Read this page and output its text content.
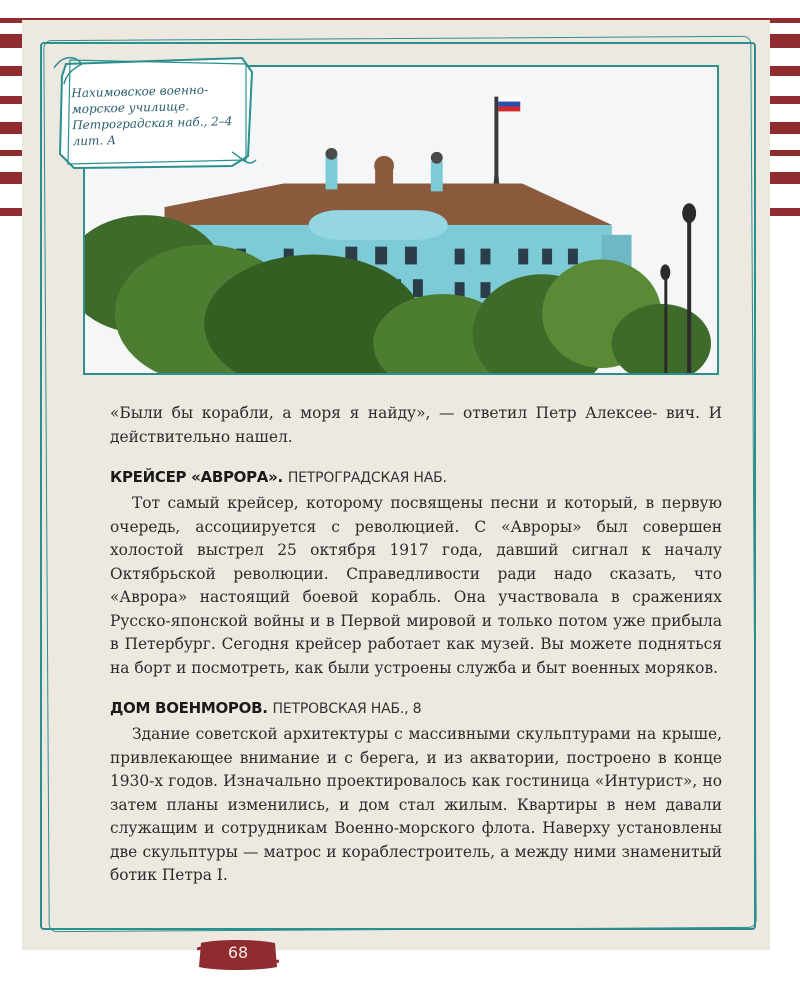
Нахимовское военно-
морское училище.
Петроградская наб., 2–4
лит. А

«Были бы корабли, а моря я найду», — ответил Петр Алексее- вич. И действительно нашел.

КРЕЙСЕР «АВРОРА». ПЕТРОГРАДСКАЯ НАБ.

Тот самый крейсер, которому посвящены песни и который, в первую очередь, ассоциируется с революцией. С «Авроры» был совершен холостой выстрел 25 октября 1917 года, давший сигнал к началу Октябрьской революции. Справедливости ради надо сказать, что «Аврора» настоящий боевой корабль. Она участвовала в сражениях Русско-японской войны и в Первой мировой и только потом уже прибыла в Петербург. Сегодня крейсер работает как музей. Вы можете подняться на борт и посмотреть, как были устроены служба и быт военных моряков.

ДОМ ВОЕНМОРОВ. ПЕТРОВСКАЯ НАБ., 8

Здание советской архитектуры с массивными скульптурами на крыше, привлекающее внимание и с берега, и из акватории, построено в конце 1930-х годов. Изначально проектировалось как гостиница «Интурист», но затем планы изменились, и дом стал жилым. Квартиры в нем давали служащим и сотрудникам Военно-морского флота. Наверху установлены две скульптуры — матрос и кораблестроитель, а между ними знаменитый ботик Петра I.

68
